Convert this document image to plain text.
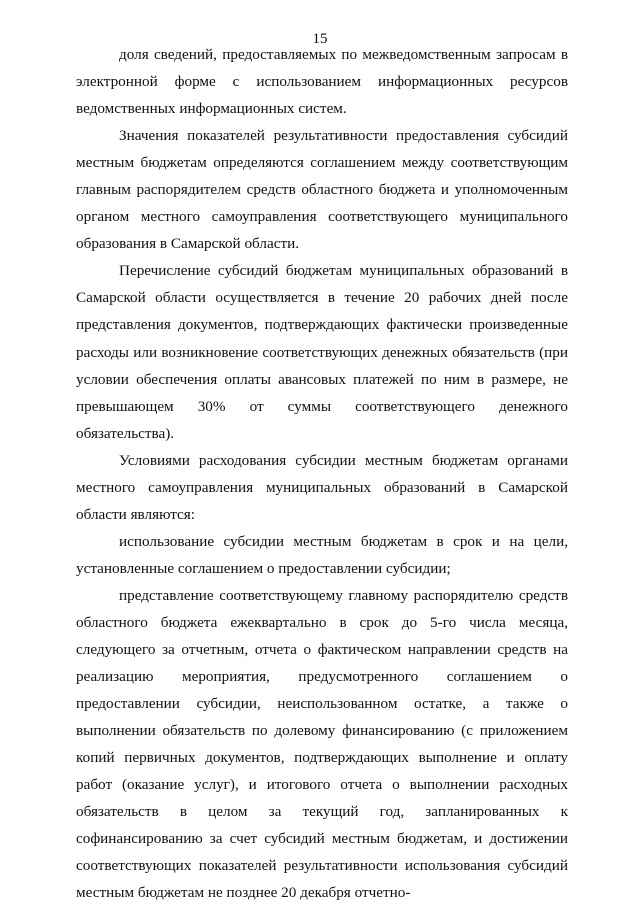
15

доля сведений, предоставляемых по межведомственным запросам в электронной форме с использованием информационных ресурсов ведомственных информационных систем.

Значения показателей результативности предоставления субсидий местным бюджетам определяются соглашением между соответствующим главным распорядителем средств областного бюджета и уполномоченным органом местного самоуправления соответствующего муниципального образования в Самарской области.

Перечисление субсидий бюджетам муниципальных образований в Самарской области осуществляется в течение 20 рабочих дней после представления документов, подтверждающих фактически произведенные расходы или возникновение соответствующих денежных обязательств (при условии обеспечения оплаты авансовых платежей по ним в размере, не превышающем 30% от суммы соответствующего денежного обязательства).

Условиями расходования субсидии местным бюджетам органами местного самоуправления муниципальных образований в Самарской области являются:

использование субсидии местным бюджетам в срок и на цели, установленные соглашением о предоставлении субсидии;

представление соответствующему главному распорядителю средств областного бюджета ежеквартально в срок до 5-го числа месяца, следующего за отчетным, отчета о фактическом направлении средств на реализацию мероприятия, предусмотренного соглашением о предоставлении субсидии, неиспользованном остатке, а также о выполнении обязательств по долевому финансированию (с приложением копий первичных документов, подтверждающих выполнение и оплату работ (оказание услуг), и итогового отчета о выполнении расходных обязательств в целом за текущий год, запланированных к софинансированию за счет субсидий местным бюджетам, и достижении соответствующих показателей результативности использования субсидий местным бюджетам не позднее 20 декабря отчетно-
